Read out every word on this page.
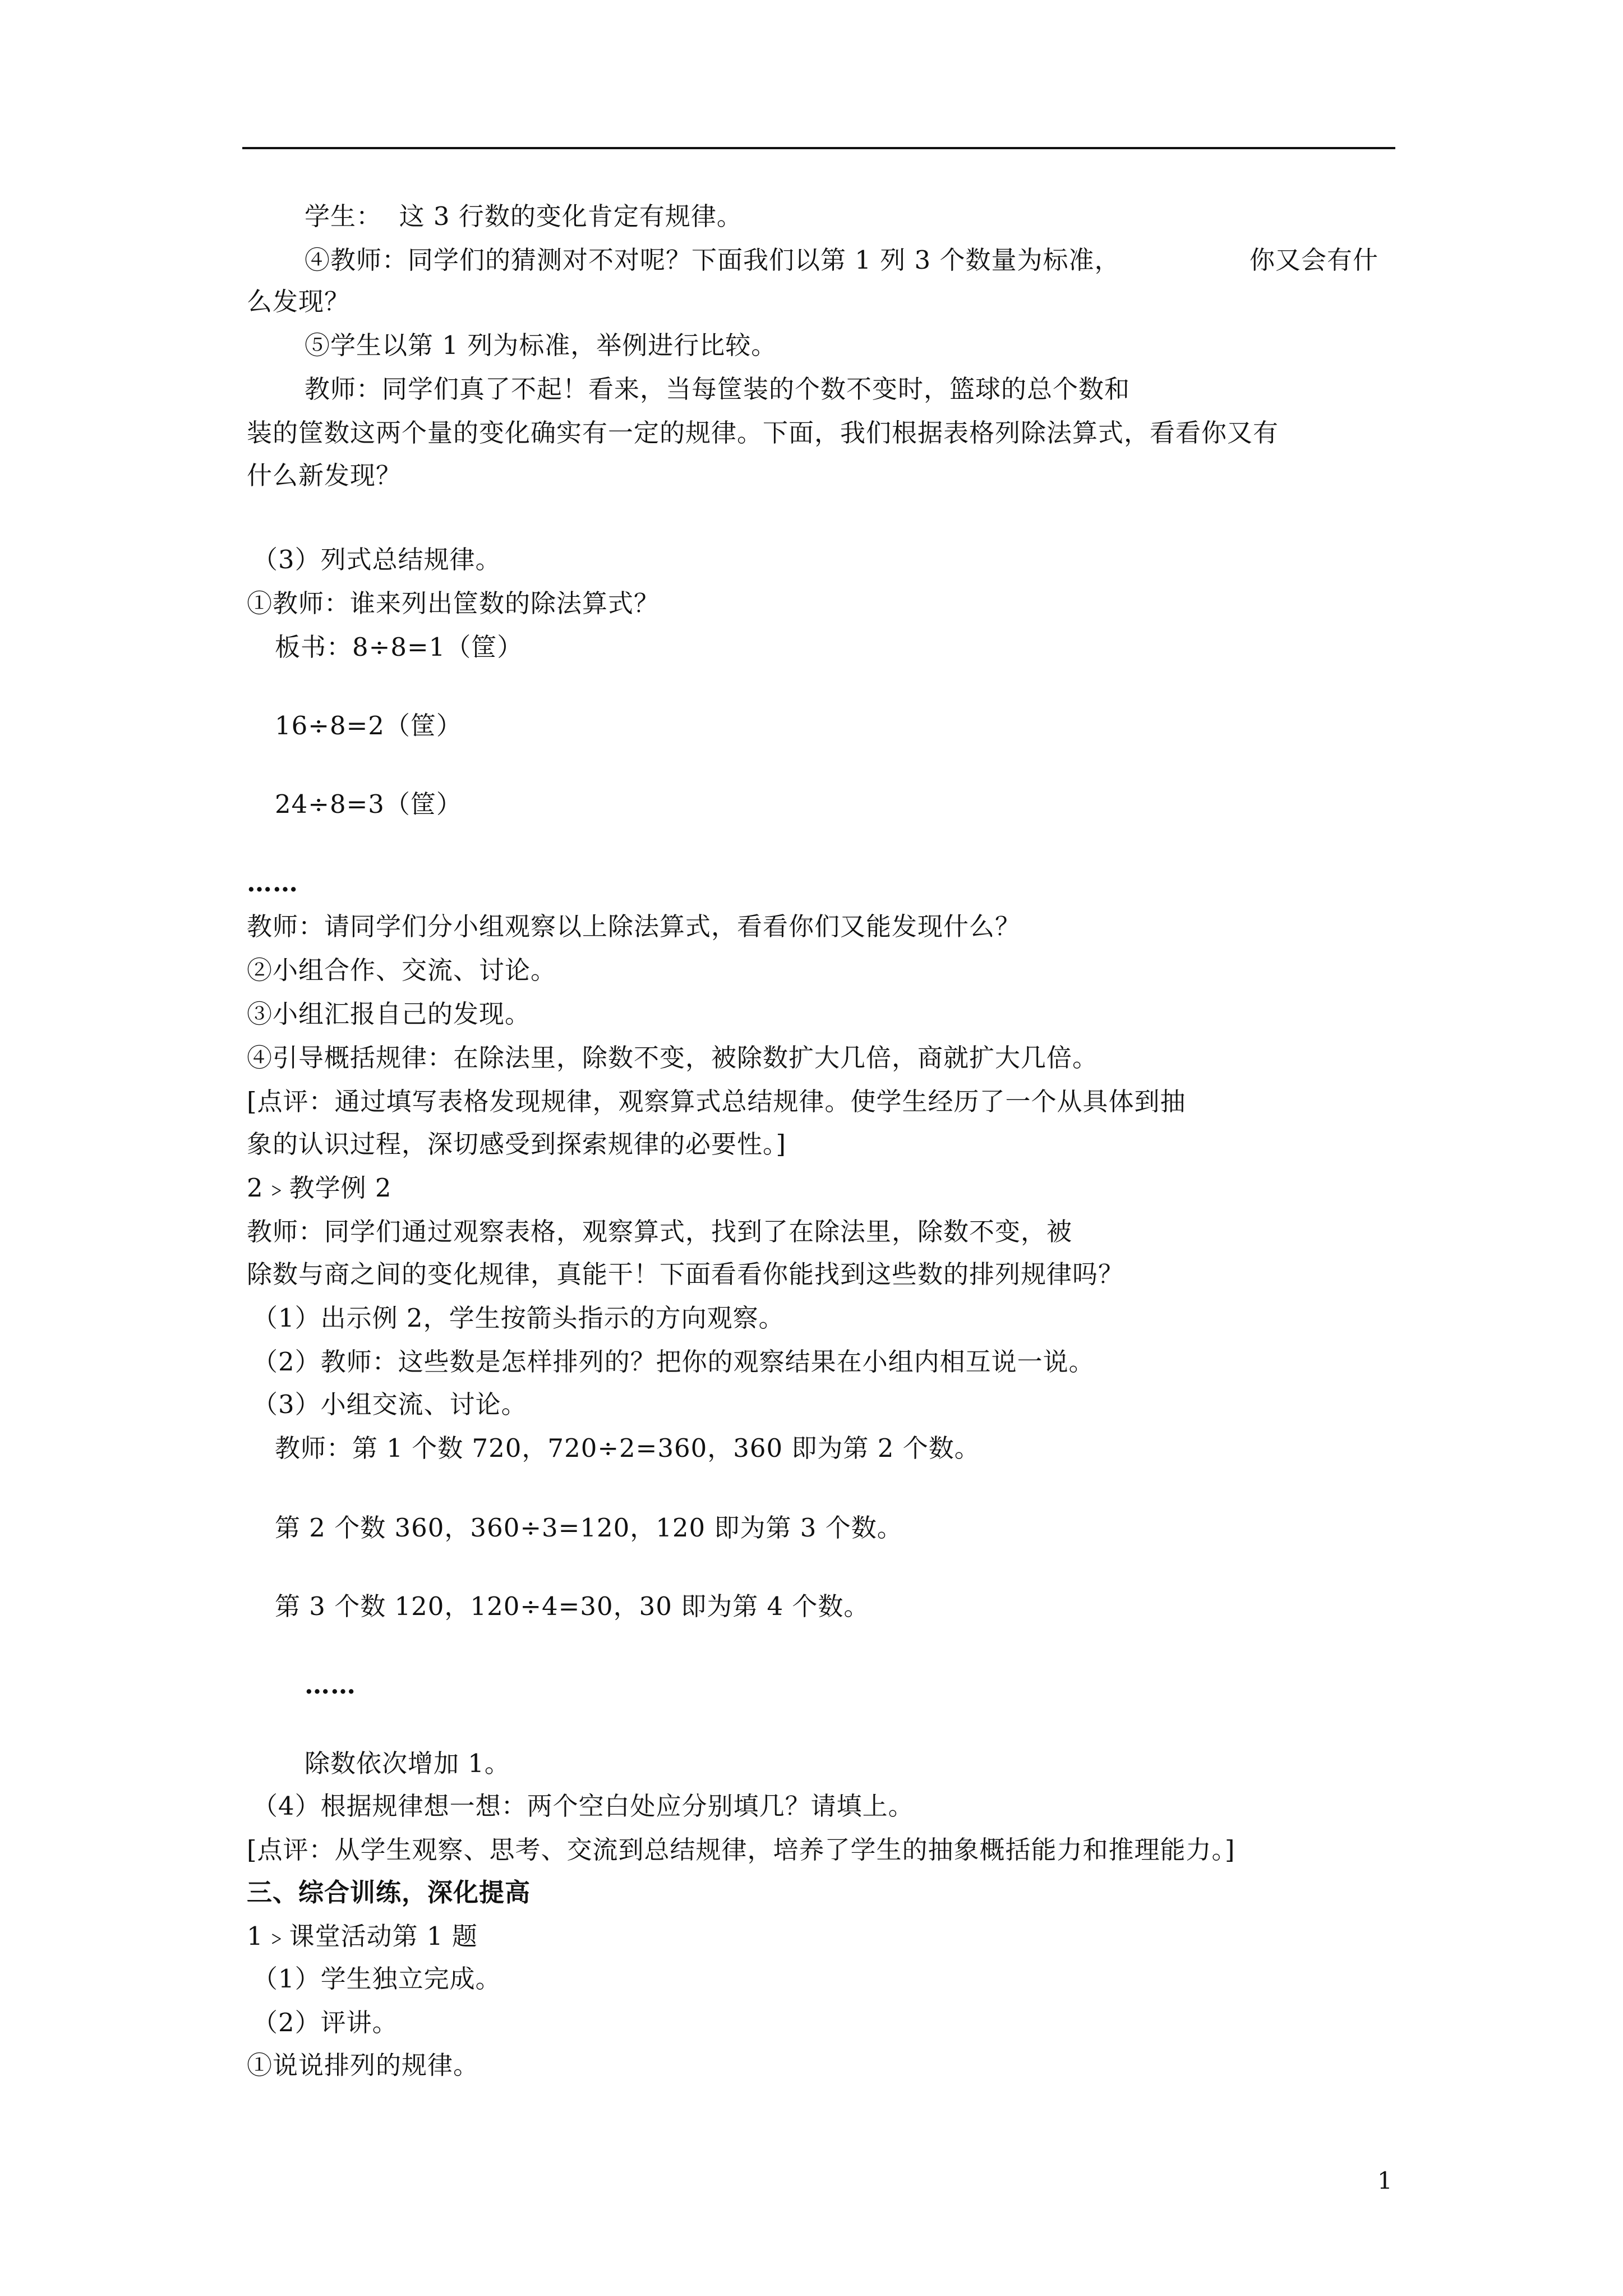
学生：  这 3 行数的变化肯定有规律。
④教师：同学们的猜测对不对呢？下面我们以第 1 列 3 个数量为标准，	你又会有什
么发现？
⑤学生以第 1 列为标准，举例进行比较。
教师：同学们真了不起！看来，当每筐装的个数不变时，篮球的总个数和
装的筐数这两个量的变化确实有一定的规律。下面，我们根据表格列除法算式，看看你又有
什么新发现？
（3）列式总结规律。
①教师：谁来列出筐数的除法算式？
板书：8÷8=1（筐）
16÷8=2（筐）
24÷8=3（筐）
……
教师：请同学们分小组观察以上除法算式，看看你们又能发现什么？
②小组合作、交流、讨论。
③小组汇报自己的发现。
④引导概括规律：在除法里，除数不变，被除数扩大几倍，商就扩大几倍。
[点评：通过填写表格发现规律，观察算式总结规律。使学生经历了一个从具体到抽
象的认识过程，深切感受到探索规律的必要性。]
2﹥教学例 2
教师：同学们通过观察表格，观察算式，找到了在除法里，除数不变，被
除数与商之间的变化规律，真能干！下面看看你能找到这些数的排列规律吗？
（1）出示例 2，学生按箭头指示的方向观察。
（2）教师：这些数是怎样排列的？把你的观察结果在小组内相互说一说。
（3）小组交流、讨论。
教师：第 1 个数 720，720÷2=360，360 即为第 2 个数。
第 2 个数 360，360÷3=120，120 即为第 3 个数。
第 3 个数 120，120÷4=30，30 即为第 4 个数。
……
除数依次增加 1。
（4）根据规律想一想：两个空白处应分别填几？请填上。
[点评：从学生观察、思考、交流到总结规律，培养了学生的抽象概括能力和推理能力。]
三、综合训练，深化提高
1﹥课堂活动第 1 题
（1）学生独立完成。
（2）评讲。
①说说排列的规律。
1
